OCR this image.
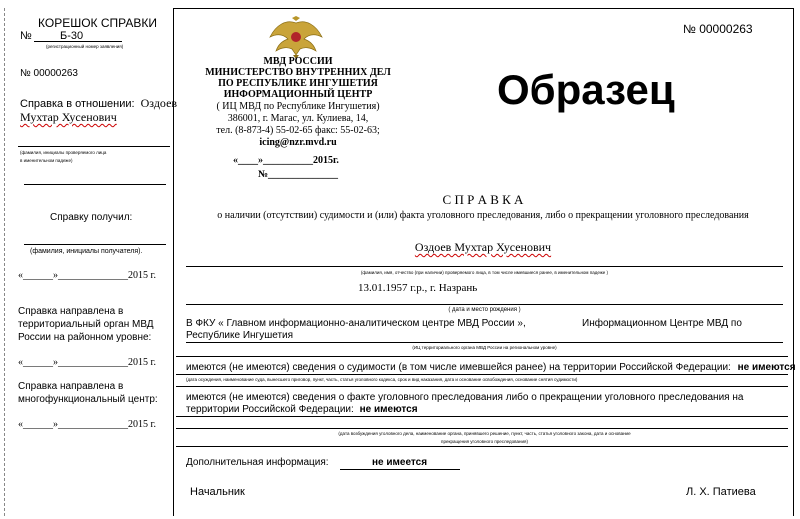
КОРЕШОК СПРАВКИ
№	Б-30
(регистрационный номер заявления)
№ 00000263
Справка в отношении: Оздоев
Мухтар Хусенович
(фамилия, инициалы проверяемого лица
в именительном падеже)
Справку получил:
(фамилия, инициалы получателя).
«______»______________2015 г.
Справка направлена в территориальный орган МВД России на районном уровне:
«______»______________2015 г.
Справка направлена в многофункциональный центр:
«______»______________2015 г.
МВД РОССИИ
МИНИСТЕРСТВО ВНУТРЕННИХ ДЕЛ
ПО РЕСПУБЛИКЕ ИНГУШЕТИЯ
ИНФОРМАЦИОННЫЙ ЦЕНТР
( ИЦ МВД по Республике Ингушетия)
386001, г. Магас, ул. Кулиева, 14,
тел. (8-873-4) 55-02-65 факс: 55-02-63;
icing@nzr.mvd.ru
«____»__________2015г.
№______________
№ 00000263
Образец
С П Р А В К А
о наличии (отсутствии) судимости и (или) факта уголовного преследования, либо о прекращении уголовного преследования
Оздоев Мухтар Хусенович
(фамилия, имя, отчество (при наличии) проверяемого лица, в том числе имевшиеся ранее, в именительном падеже )
13.01.1957 г.р., г. Назрань
( дата и место рождения )
В ФКУ « Главном информационно-аналитическом центре МВД России »,	Информационном Центре МВД по
Республике Ингушетия
(ИЦ территориального органа МВД России на региональном уровне)
имеются (не имеются) сведения о судимости (в том числе имевшейся ранее) на территории Российской Федерации: не имеются
(дата осуждения, наименование суда, вынесшего приговор, пункт, часть, статья уголовного кодекса, срок и вид наказания, дата и основание освобождения, основание снятия судимости)
имеются (не имеются) сведения о факте уголовного преследования либо о прекращении уголовного преследования на
территории Российской Федерации: не имеются
(дата возбуждения уголовного дела, наименование органа, принявшего решение, пункт, часть, статья уголовного закона, дата и основание
прекращения уголовного преследования)
Дополнительная информация:	не имеется
Начальник	Л. Х. Патиева
